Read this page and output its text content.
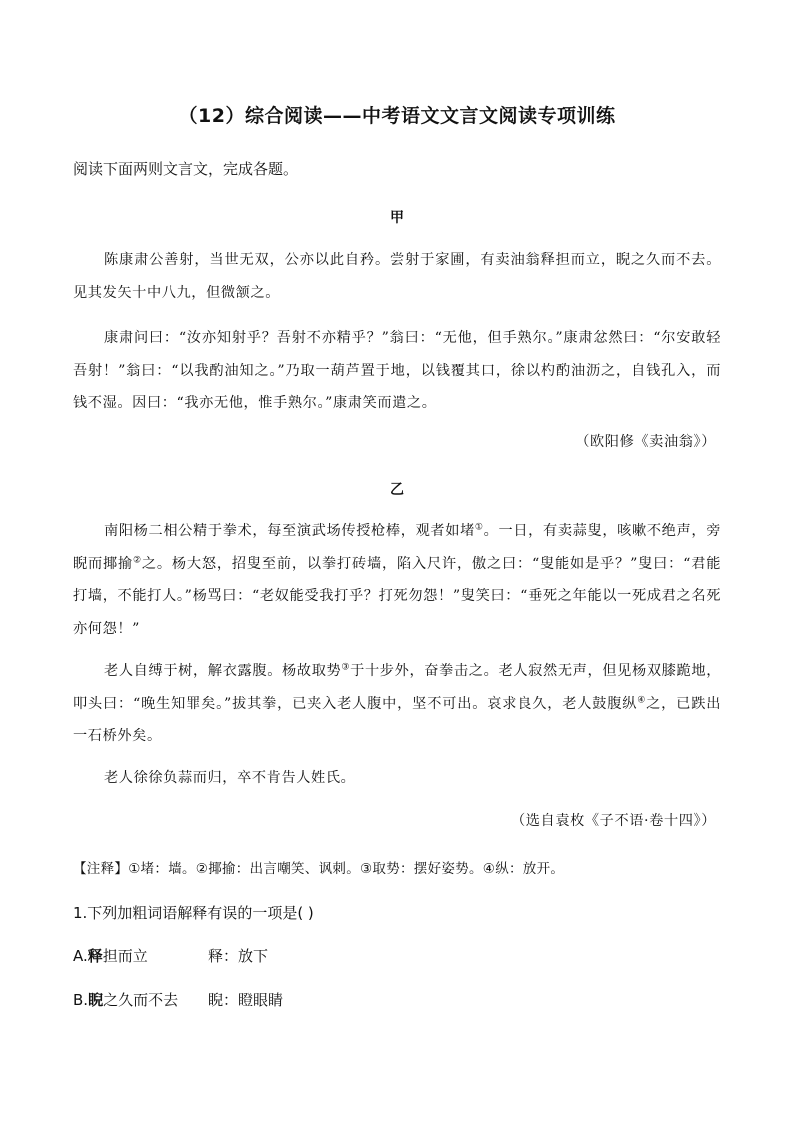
（12）综合阅读——中考语文文言文阅读专项训练
阅读下面两则文言文，完成各题。
甲

陈康肃公善射，当世无双，公亦以此自矜。尝射于家圃，有卖油翁释担而立，睨之久而不去。见其发矢十中八九，但微颔之。

康肃问曰：“汝亦知射乎？吾射不亦精乎？”翁曰：“无他，但手熟尔。”康肃忿然曰：“尔安敢轻吾射！”翁曰：“以我酌油知之。”乃取一葫芦置于地，以钱覆其口，徐以杓酌油沥之，自钱孔入，而钱不湿。因曰：“我亦无他，惟手熟尔。”康肃笑而遣之。

（欧阳修《卖油翁》）
乙

南阳杨二相公精于拳术，每至演武场传授枪棒，观者如堵①。一日，有卖蒜叟，咳嗽不绝声，旁睨而揶揄②之。杨大怒，招叟至前，以拳打砖墙，陷入尺许，傲之曰：“叟能如是乎？”叟曰：“君能打墙，不能打人。”杨骂曰：“老奴能受我打乎？打死勿怨！”叟笑曰：“垂死之年能以一死成君之名死亦何怨！”

老人自缚于树，解衣露腹。杨故取势③于十步外，奋拳击之。老人寂然无声，但见杨双膝跪地，叩头曰：“晚生知罪矣。”拔其拳，已夹入老人腹中，坚不可出。哀求良久，老人鼓腹纵④之，已跌出一石桥外矣。

老人徐徐负蒜而归，卒不肯告人姓氏。

（选自袁枚《子不语·卷十四》）
【注释】①堵：墙。②揶揄：出言嘲笑、讽刺。③取势：摆好姿势。④纵：放开。
1.下列加粗词语解释有误的一项是( )
A.释担而立	释：放下
B.睨之久而不去 睨：瞪眼睛
